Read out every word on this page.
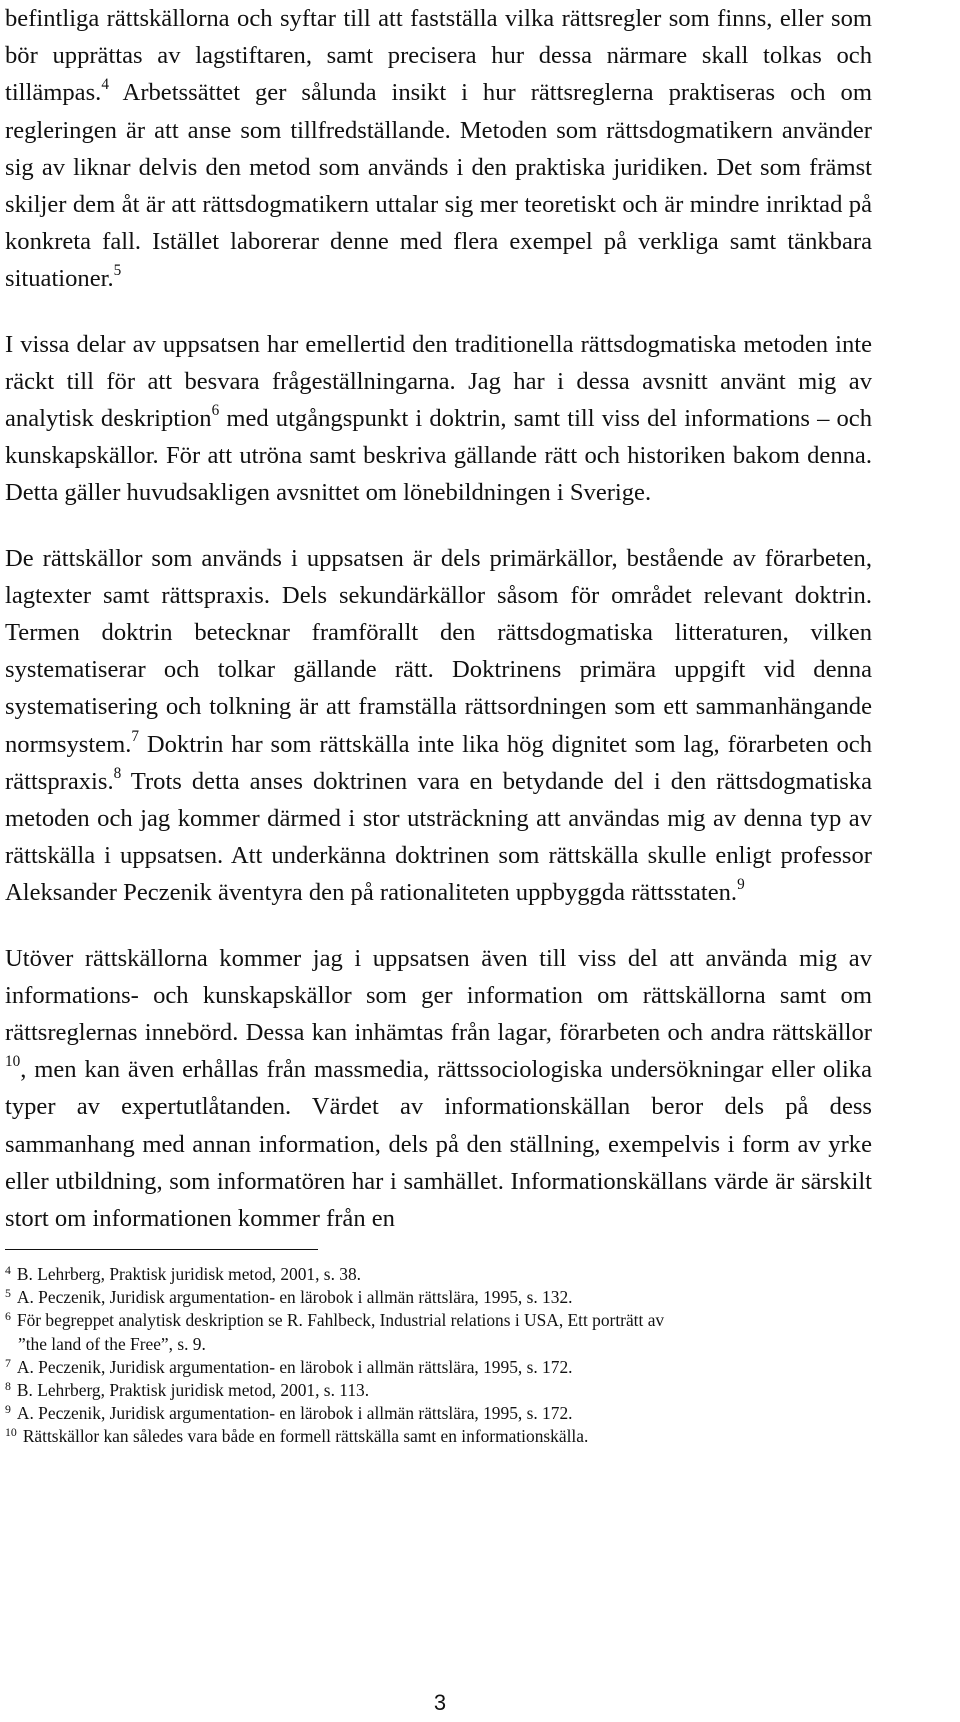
befintliga rättskällorna och syftar till att fastställa vilka rättsregler som finns, eller som bör upprättas av lagstiftaren, samt precisera hur dessa närmare skall tolkas och tillämpas.$^4$ Arbetssättet ger sålunda insikt i hur rättsreglerna praktiseras och om regleringen är att anse som tillfredställande. Metoden som rättsdogmatikern använder sig av liknar delvis den metod som används i den praktiska juridiken. Det som främst skiljer dem åt är att rättsdogmatikern uttalar sig mer teoretiskt och är mindre inriktad på konkreta fall. Istället laborerar denne med flera exempel på verkliga samt tänkbara situationer.$^5$

I vissa delar av uppsatsen har emellertid den traditionella rättsdogmatiska metoden inte räckt till för att besvara frågeställningarna. Jag har i dessa avsnitt använt mig av analytisk deskription$^6$ med utgångspunkt i doktrin, samt till viss del informations – och kunskapskällor. För att utröna samt beskriva gällande rätt och historiken bakom denna. Detta gäller huvudsakligen avsnittet om lönebildningen i Sverige.

De rättskällor som används i uppsatsen är dels primärkällor, bestående av förarbeten, lagtexter samt rättspraxis. Dels sekundärkällor såsom för området relevant doktrin. Termen doktrin betecknar framförallt den rättsdogmatiska litteraturen, vilken systematiserar och tolkar gällande rätt. Doktrinens primära uppgift vid denna systematisering och tolkning är att framställa rättsordningen som ett sammanhängande normsystem.$^7$ Doktrin har som rättskälla inte lika hög dignitet som lag, förarbeten och rättspraxis.$^8$ Trots detta anses doktrinen vara en betydande del i den rättsdogmatiska metoden och jag kommer därmed i stor utsträckning att användas mig av denna typ av rättskälla i uppsatsen. Att underkänna doktrinen som rättskälla skulle enligt professor Aleksander Peczenik äventyra den på rationaliteten uppbyggda rättsstaten.$^9$

Utöver rättskällorna kommer jag i uppsatsen även till viss del att använda mig av informations- och kunskapskällor som ger information om rättskällorna samt om rättsreglernas innebörd. Dessa kan inhämtas från lagar, förarbeten och andra rättskällor $^{10}$, men kan även erhållas från massmedia, rättssociologiska undersökningar eller olika typer av expertutlåtanden. Värdet av informationskällan beror dels på dess sammanhang med annan information, dels på den ställning, exempelvis i form av yrke eller utbildning, som informatören har i samhället. Informationskällans värde är särskilt stort om informationen kommer från en

$^4$ B. Lehrberg, Praktisk juridisk metod, 2001, s. 38.

$^5$ A. Peczenik, Juridisk argumentation- en lärobok i allmän rättslära, 1995, s. 132.

$^6$ För begreppet analytisk deskription se R. Fahlbeck, Industrial relations i USA, Ett porträtt av
”the land of the Free”, s. 9.

$^7$ A. Peczenik, Juridisk argumentation- en lärobok i allmän rättslära, 1995, s. 172.

$^8$ B. Lehrberg, Praktisk juridisk metod, 2001, s. 113.

$^9$ A. Peczenik, Juridisk argumentation- en lärobok i allmän rättslära, 1995, s. 172.

$^{10}$ Rättskällor kan således vara både en formell rättskälla samt en informationskälla.

3
